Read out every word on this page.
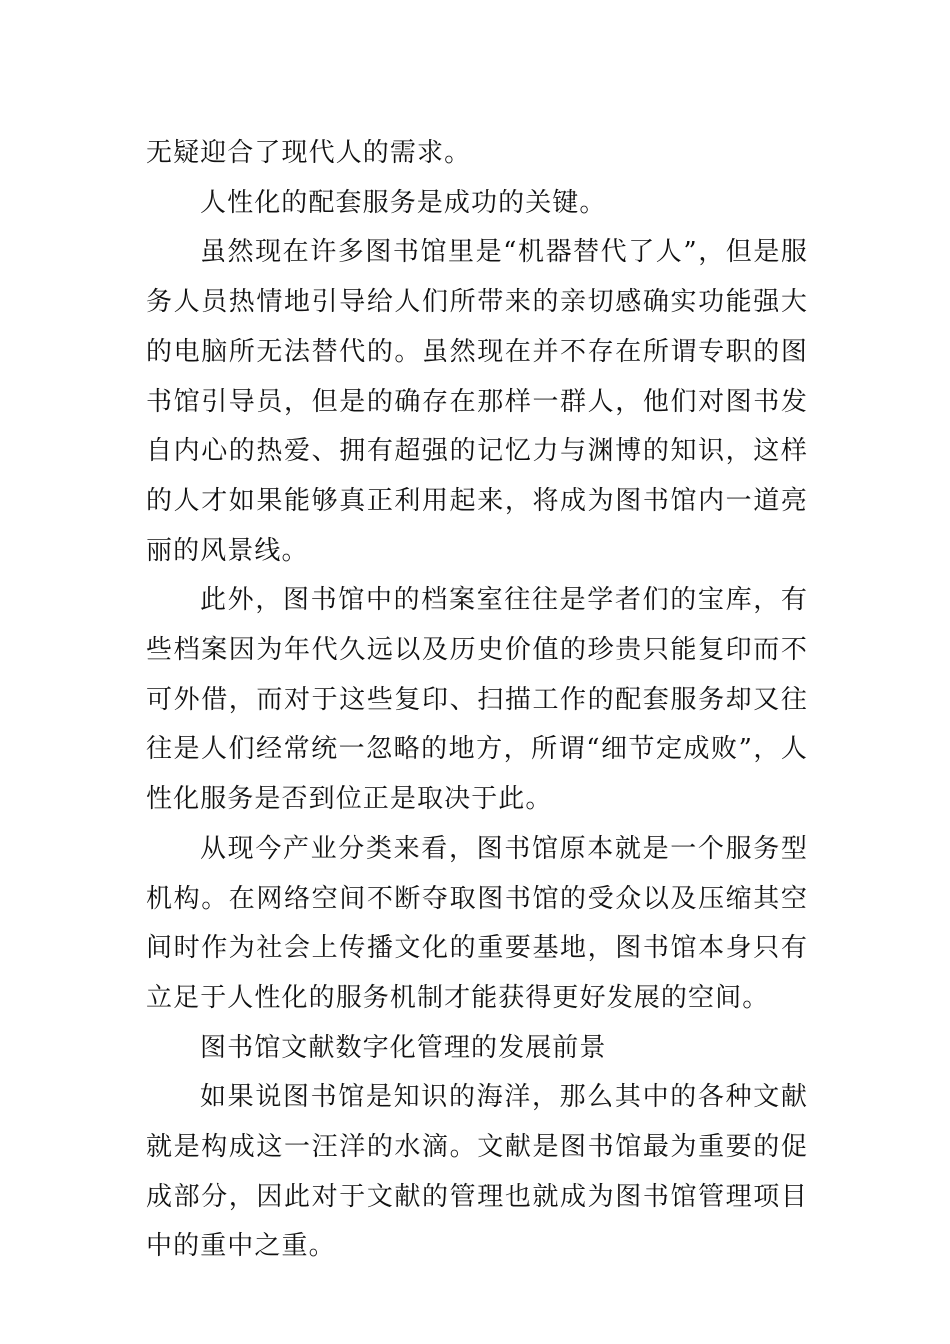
无疑迎合了现代人的需求。

人性化的配套服务是成功的关键。

虽然现在许多图书馆里是“机器替代了人”，但是服务人员热情地引导给人们所带来的亲切感确实功能强大的电脑所无法替代的。虽然现在并不存在所谓专职的图书馆引导员，但是的确存在那样一群人，他们对图书发自内心的热爱、拥有超强的记忆力与渊博的知识，这样的人才如果能够真正利用起来，将成为图书馆内一道亮丽的风景线。

此外，图书馆中的档案室往往是学者们的宝库，有些档案因为年代久远以及历史价值的珍贵只能复印而不可外借，而对于这些复印、扫描工作的配套服务却又往往是人们经常统一忽略的地方，所谓“细节定成败”，人性化服务是否到位正是取决于此。

从现今产业分类来看，图书馆原本就是一个服务型机构。在网络空间不断夺取图书馆的受众以及压缩其空间时作为社会上传播文化的重要基地，图书馆本身只有立足于人性化的服务机制才能获得更好发展的空间。

图书馆文献数字化管理的发展前景

如果说图书馆是知识的海洋，那么其中的各种文献就是构成这一汪洋的水滴。文献是图书馆最为重要的促成部分，因此对于文献的管理也就成为图书馆管理项目中的重中之重。
